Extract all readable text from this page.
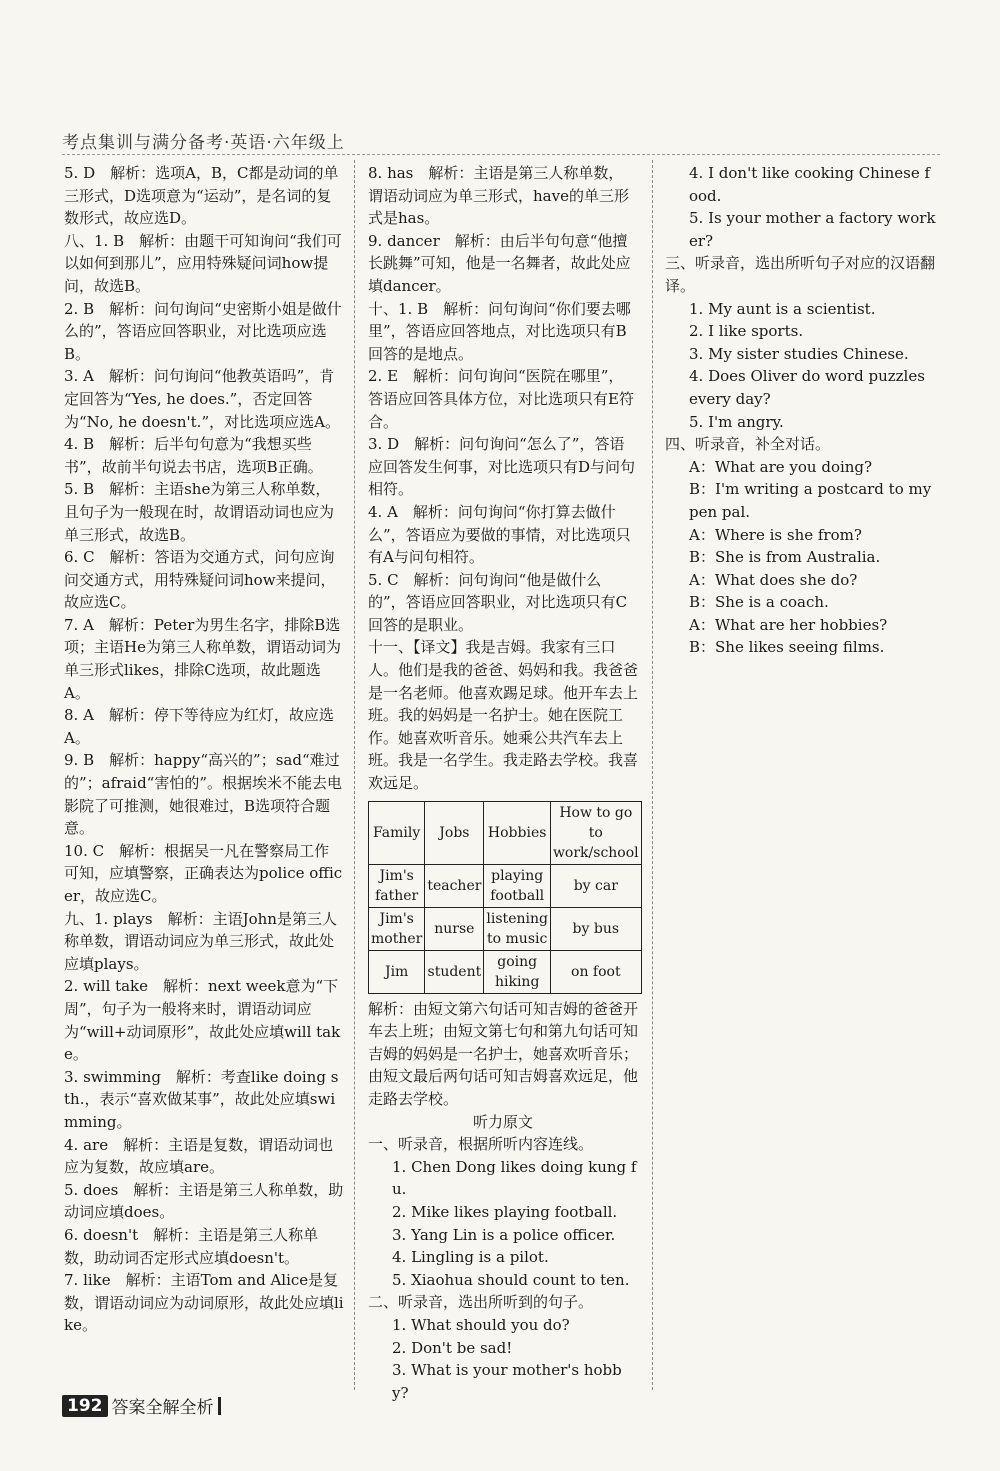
考点集训与满分备考·英语·六年级上

5. D　解析：选项A，B，C都是动词的单三形式，D选项意为“运动”，是名词的复数形式，故应选D。

八、1. B　解析：由题干可知询问“我们可以如何到那儿”，应用特殊疑问词how提问，故选B。

2. B　解析：问句询问“史密斯小姐是做什么的”，答语应回答职业，对比选项应选B。

3. A　解析：问句询问“他教英语吗”，肯定回答为“Yes, he does.”，否定回答为“No, he doesn't.”，对比选项应选A。

4. B　解析：后半句句意为“我想买些书”，故前半句说去书店，选项B正确。

5. B　解析：主语she为第三人称单数，且句子为一般现在时，故谓语动词也应为单三形式，故选B。

6. C　解析：答语为交通方式，问句应询问交通方式，用特殊疑问词how来提问，故应选C。

7. A　解析：Peter为男生名字，排除B选项；主语He为第三人称单数，谓语动词为单三形式likes，排除C选项，故此题选A。

8. A　解析：停下等待应为红灯，故应选A。

9. B　解析：happy“高兴的”；sad“难过的”；afraid“害怕的”。根据埃米不能去电影院了可推测，她很难过，B选项符合题意。

10. C　解析：根据吴一凡在警察局工作可知，应填警察，正确表达为police officer，故应选C。

九、1. plays　解析：主语John是第三人称单数，谓语动词应为单三形式，故此处应填plays。

2. will take　解析：next week意为“下周”，句子为一般将来时，谓语动词应为“will+动词原形”，故此处应填will take。

3. swimming　解析：考查like doing sth.，表示“喜欢做某事”，故此处应填swimming。

4. are　解析：主语是复数，谓语动词也应为复数，故应填are。

5. does　解析：主语是第三人称单数，助动词应填does。

6. doesn't　解析：主语是第三人称单数，助动词否定形式应填doesn't。

7. like　解析：主语Tom and Alice是复数，谓语动词应为动词原形，故此处应填like。

8. has　解析：主语是第三人称单数，谓语动词应为单三形式，have的单三形式是has。

9. dancer　解析：由后半句句意“他擅长跳舞”可知，他是一名舞者，故此处应填dancer。

十、1. B　解析：问句询问“你们要去哪里”，答语应回答地点，对比选项只有B回答的是地点。

2. E　解析：问句询问“医院在哪里”，答语应回答具体方位，对比选项只有E符合。

3. D　解析：问句询问“怎么了”，答语应回答发生何事，对比选项只有D与问句相符。

4. A　解析：问句询问“你打算去做什么”，答语应为要做的事情，对比选项只有A与问句相符。

5. C　解析：问句询问“他是做什么的”，答语应回答职业，对比选项只有C回答的是职业。

十一、【译文】我是吉姆。我家有三口人。他们是我的爸爸、妈妈和我。我爸爸是一名老师。他喜欢踢足球。他开车去上班。我的妈妈是一名护士。她在医院工作。她喜欢听音乐。她乘公共汽车去上班。我是一名学生。我走路去学校。我喜欢远足。

Family	Jobs	Hobbies	How to go to work/school
Jim's father	teacher	playing football	by car
Jim's mother	nurse	listening to music	by bus
Jim	student	going hiking	on foot

解析：由短文第六句话可知吉姆的爸爸开车去上班；由短文第七句和第九句话可知吉姆的妈妈是一名护士，她喜欢听音乐；由短文最后两句话可知吉姆喜欢远足，他走路去学校。

听力原文

一、听录音，根据所听内容连线。

1. Chen Dong likes doing kung fu.

2. Mike likes playing football.

3. Yang Lin is a police officer.

4. Lingling is a pilot.

5. Xiaohua should count to ten.

二、听录音，选出所听到的句子。

1. What should you do?

2. Don't be sad!

3. What is your mother's hobby?

4. I don't like cooking Chinese food.

5. Is your mother a factory worker?

三、听录音，选出所听句子对应的汉语翻译。

1. My aunt is a scientist.

2. I like sports.

3. My sister studies Chinese.

4. Does Oliver do word puzzles every day?

5. I'm angry.

四、听录音，补全对话。

A：What are you doing?

B：I'm writing a postcard to my pen pal.

A：Where is she from?

B：She is from Australia.

A：What does she do?

B：She is a coach.

A：What are her hobbies?

B：She likes seeing films.

192 答案全解全析
